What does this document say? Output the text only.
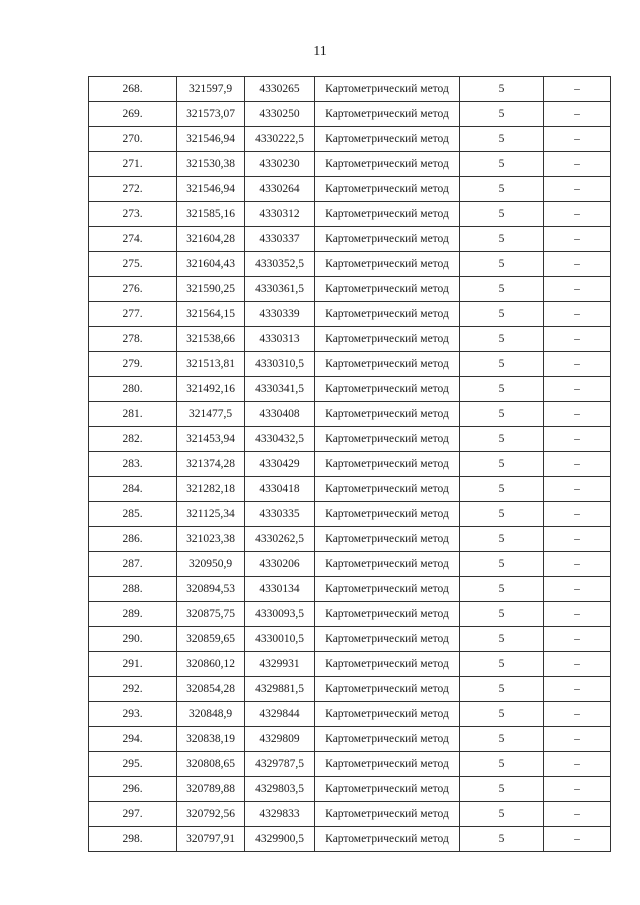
11
268.	321597,9	4330265	Картометрический метод	5	–
269.	321573,07	4330250	Картометрический метод	5	–
270.	321546,94	4330222,5	Картометрический метод	5	–
271.	321530,38	4330230	Картометрический метод	5	–
272.	321546,94	4330264	Картометрический метод	5	–
273.	321585,16	4330312	Картометрический метод	5	–
274.	321604,28	4330337	Картометрический метод	5	–
275.	321604,43	4330352,5	Картометрический метод	5	–
276.	321590,25	4330361,5	Картометрический метод	5	–
277.	321564,15	4330339	Картометрический метод	5	–
278.	321538,66	4330313	Картометрический метод	5	–
279.	321513,81	4330310,5	Картометрический метод	5	–
280.	321492,16	4330341,5	Картометрический метод	5	–
281.	321477,5	4330408	Картометрический метод	5	–
282.	321453,94	4330432,5	Картометрический метод	5	–
283.	321374,28	4330429	Картометрический метод	5	–
284.	321282,18	4330418	Картометрический метод	5	–
285.	321125,34	4330335	Картометрический метод	5	–
286.	321023,38	4330262,5	Картометрический метод	5	–
287.	320950,9	4330206	Картометрический метод	5	–
288.	320894,53	4330134	Картометрический метод	5	–
289.	320875,75	4330093,5	Картометрический метод	5	–
290.	320859,65	4330010,5	Картометрический метод	5	–
291.	320860,12	4329931	Картометрический метод	5	–
292.	320854,28	4329881,5	Картометрический метод	5	–
293.	320848,9	4329844	Картометрический метод	5	–
294.	320838,19	4329809	Картометрический метод	5	–
295.	320808,65	4329787,5	Картометрический метод	5	–
296.	320789,88	4329803,5	Картометрический метод	5	–
297.	320792,56	4329833	Картометрический метод	5	–
298.	320797,91	4329900,5	Картометрический метод	5	–
